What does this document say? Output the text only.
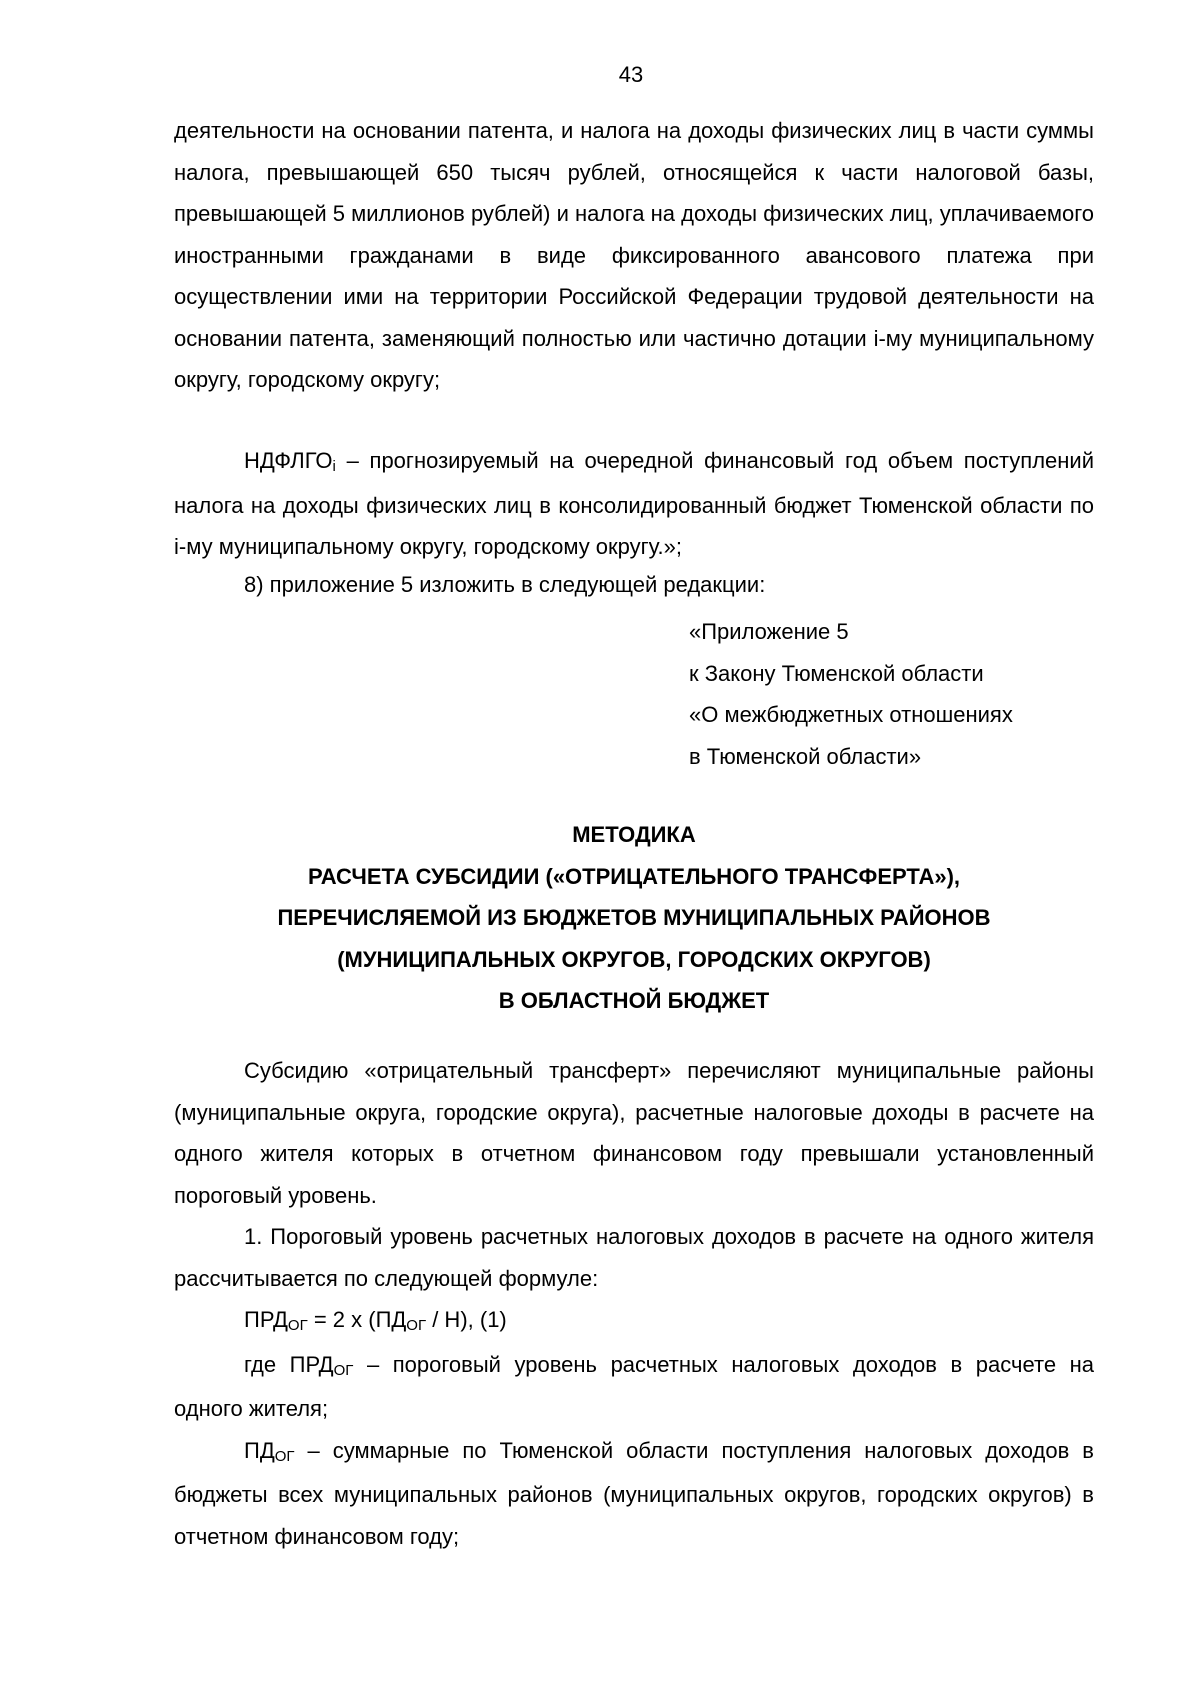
43

деятельности на основании патента, и налога на доходы физических лиц в части суммы налога, превышающей 650 тысяч рублей, относящейся к части налоговой базы, превышающей 5 миллионов рублей) и налога на доходы физических лиц, уплачиваемого иностранными гражданами в виде фиксированного авансового платежа при осуществлении ими на территории Российской Федерации трудовой деятельности на основании патента, заменяющий полностью или частично дотации i-му муниципальному округу, городскому округу;

$НДФЛГО_i$ – прогнозируемый на очередной финансовый год объем поступлений налога на доходы физических лиц в консолидированный бюджет Тюменской области по i-му муниципальному округу, городскому округу.»;

8) приложение 5 изложить в следующей редакции:

«Приложение 5

к Закону Тюменской области

«О межбюджетных отношениях

в Тюменской области»

МЕТОДИКА

РАСЧЕТА СУБСИДИИ («ОТРИЦАТЕЛЬНОГО ТРАНСФЕРТА»),

ПЕРЕЧИСЛЯЕМОЙ ИЗ БЮДЖЕТОВ МУНИЦИПАЛЬНЫХ РАЙОНОВ

(МУНИЦИПАЛЬНЫХ ОКРУГОВ, ГОРОДСКИХ ОКРУГОВ)

В ОБЛАСТНОЙ БЮДЖЕТ

Субсидию «отрицательный трансферт» перечисляют муниципальные районы (муниципальные округа, городские округа), расчетные налоговые доходы в расчете на одного жителя которых в отчетном финансовом году превышали установленный пороговый уровень.

1. Пороговый уровень расчетных налоговых доходов в расчете на одного жителя рассчитывается по следующей формуле:

$ПРД_{ОГ} = 2$ x $(ПД_{ОГ} / Н)$, (1)

где $ПРД_{ОГ}$ – пороговый уровень расчетных налоговых доходов в расчете на одного жителя;

$ПД_{ОГ}$ – суммарные по Тюменской области поступления налоговых доходов в бюджеты всех муниципальных районов (муниципальных округов, городских округов) в отчетном финансовом году;
